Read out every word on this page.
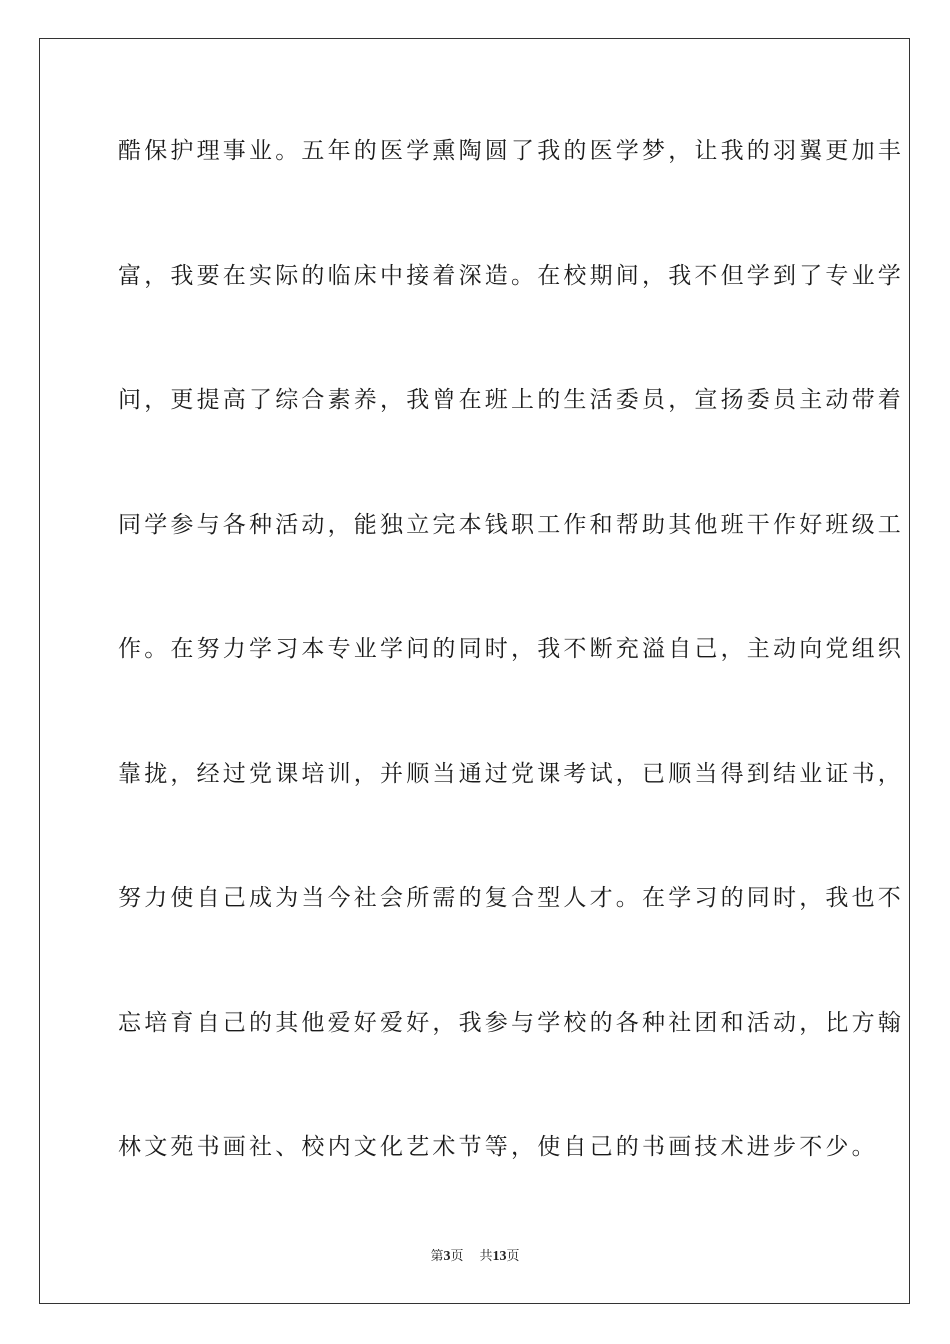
酷保护理事业。五年的医学熏陶圆了我的医学梦，让我的羽翼更加丰

富，我要在实际的临床中接着深造。在校期间，我不但学到了专业学

问，更提高了综合素养，我曾在班上的生活委员，宣扬委员主动带着

同学参与各种活动，能独立完本钱职工作和帮助其他班干作好班级工

作。在努力学习本专业学问的同时，我不断充溢自己，主动向党组织

靠拢，经过党课培训，并顺当通过党课考试，已顺当得到结业证书，

努力使自己成为当今社会所需的复合型人才。在学习的同时，我也不

忘培育自己的其他爱好爱好，我参与学校的各种社团和活动，比方翰

林文苑书画社、校内文化艺术节等，使自己的书画技术进步不少。

第3页 共13页
